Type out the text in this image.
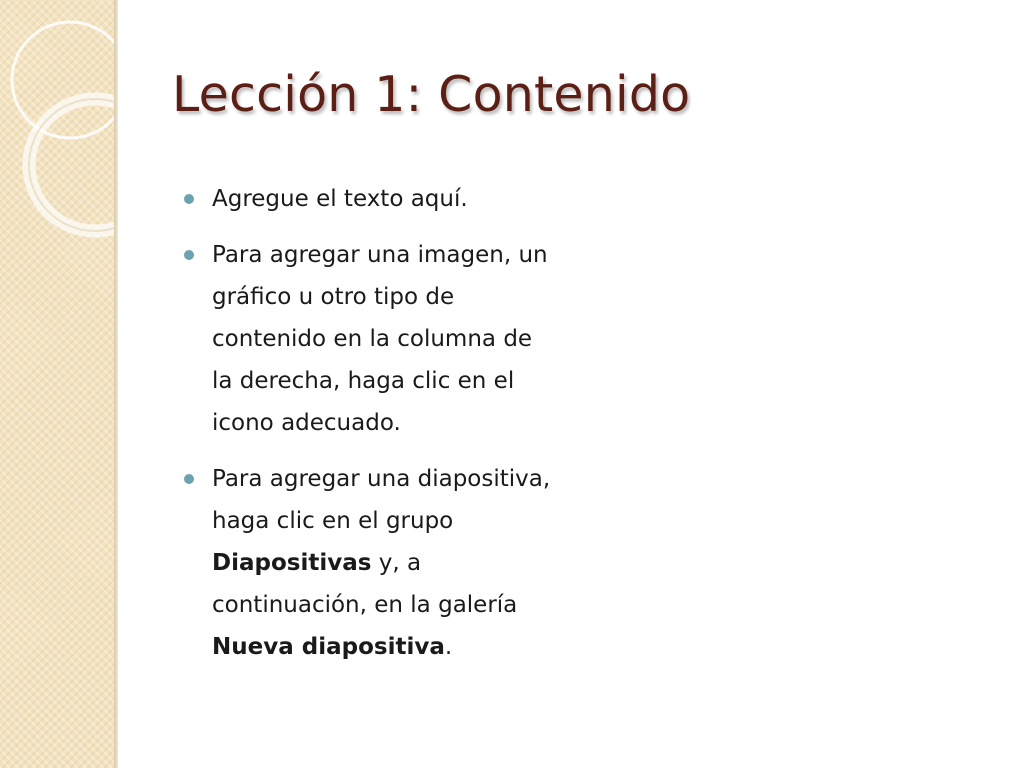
Lección 1: Contenido
Agregue el texto aquí.
Para agregar una imagen, un gráfico u otro tipo de contenido en la columna de la derecha, haga clic en el icono adecuado.
Para agregar una diapositiva, haga clic en el grupo Diapositivas y, a continuación, en la galería Nueva diapositiva.
